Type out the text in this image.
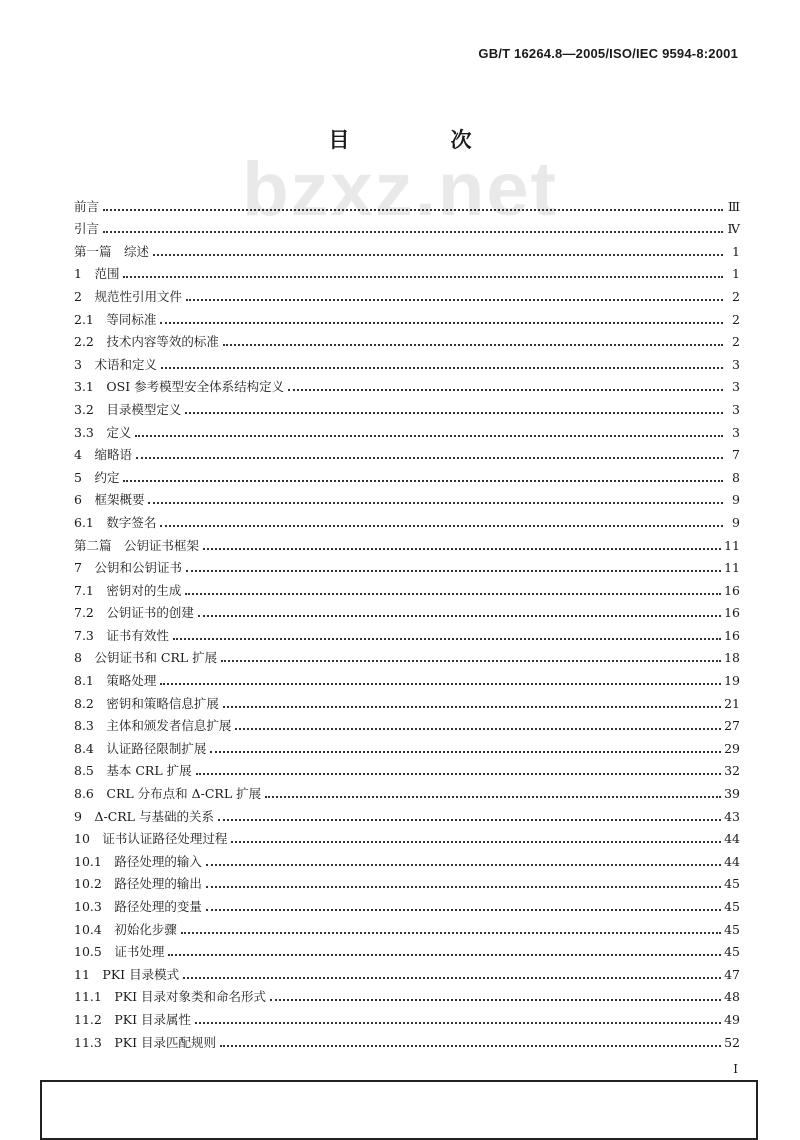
GB/T 16264.8—2005/ISO/IEC 9594-8:2001
bzxz.net
目　次
前言	Ⅲ
引言	Ⅳ
第一篇　综述	1
1　范围	1
2　规范性引用文件	2
2.1　等同标准	2
2.2　技术内容等效的标准	2
3　术语和定义	3
3.1　OSI 参考模型安全体系结构定义	3
3.2　目录模型定义	3
3.3　定义	3
4　缩略语	7
5　约定	8
6　框架概要	9
6.1　数字签名	9
第二篇　公钥证书框架	11
7　公钥和公钥证书	11
7.1　密钥对的生成	16
7.2　公钥证书的创建	16
7.3　证书有效性	16
8　公钥证书和 CRL 扩展	18
8.1　策略处理	19
8.2　密钥和策略信息扩展	21
8.3　主体和颁发者信息扩展	27
8.4　认证路径限制扩展	29
8.5　基本 CRL 扩展	32
8.6　CRL 分布点和 Δ-CRL 扩展	39
9　Δ-CRL 与基础的关系	43
10　证书认证路径处理过程	44
10.1　路径处理的输入	44
10.2　路径处理的输出	45
10.3　路径处理的变量	45
10.4　初始化步骤	45
10.5　证书处理	45
11　PKI 目录模式	47
11.1　PKI 目录对象类和命名形式	48
11.2　PKI 目录属性	49
11.3　PKI 目录匹配规则	52
Ⅰ
